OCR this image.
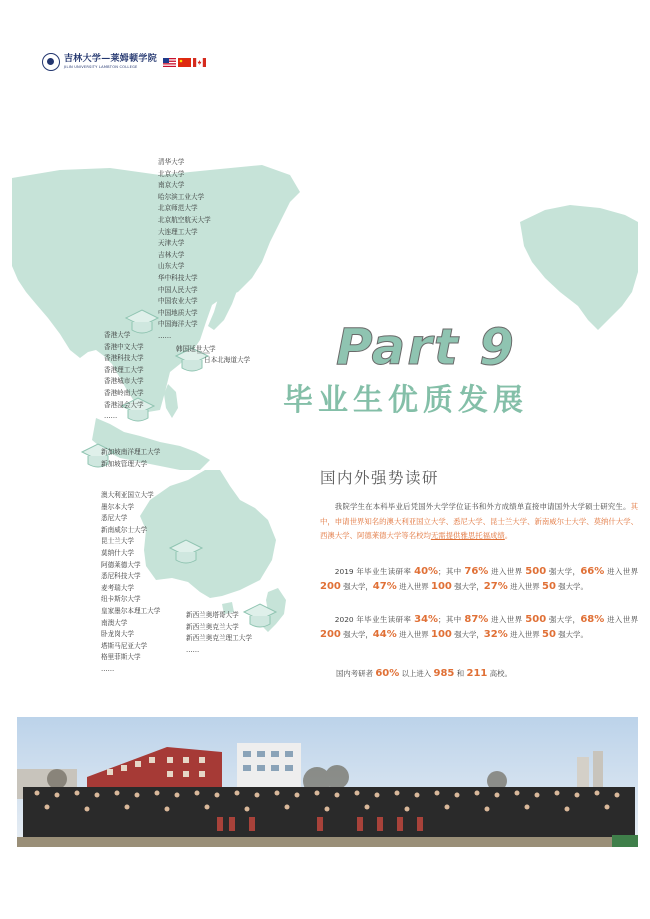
吉林大学—莱姆顿学院
JILIN UNIVERSITY LAMBTON COLLEGE
清华大学
北京大学
南京大学
哈尔滨工业大学
北京师范大学
北京航空航天大学
大连理工大学
天津大学
吉林大学
山东大学
华中科技大学
中国人民大学
中国农业大学
中国地质大学
中国海洋大学
……
香港大学
香港中文大学
香港科技大学
香港理工大学
香港城市大学
香港岭南大学
香港浸会大学
……
韩国延世大学
日本北海道大学
新加坡南洋理工大学
新加坡管理大学
澳大利亚国立大学
墨尔本大学
悉尼大学
新南威尔士大学
昆士兰大学
莫纳什大学
阿德莱德大学
悉尼科技大学
麦考瑞大学
纽卡斯尔大学
皇家墨尔本理工大学
南澳大学
卧龙岗大学
塔斯马尼亚大学
格里菲斯大学
……
新西兰奥塔哥大学
新西兰奥克兰大学
新西兰奥克兰理工大学
……
Part 9
毕业生优质发展
国内外强势读研
我院学生在本科毕业后凭国外大学学位证书和外方成绩单直接申请国外大学硕士研究生。其中，申请世界知名的澳大利亚国立大学、悉尼大学、昆士兰大学、新南威尔士大学、莫纳什大学、西澳大学、阿德莱德大学等名校均无需提供雅思托福成绩。
2019 年毕业生读研率 40%；其中 76% 进入世界 500 强大学，66% 进入世界 200 强大学，47% 进入世界 100 强大学，27% 进入世界 50 强大学。
2020 年毕业生读研率 34%；其中 87% 进入世界 500 强大学，68% 进入世界 200 强大学，44% 进入世界 100 强大学，32% 进入世界 50 强大学。
国内考研者 60% 以上进入 985 和 211 高校。
